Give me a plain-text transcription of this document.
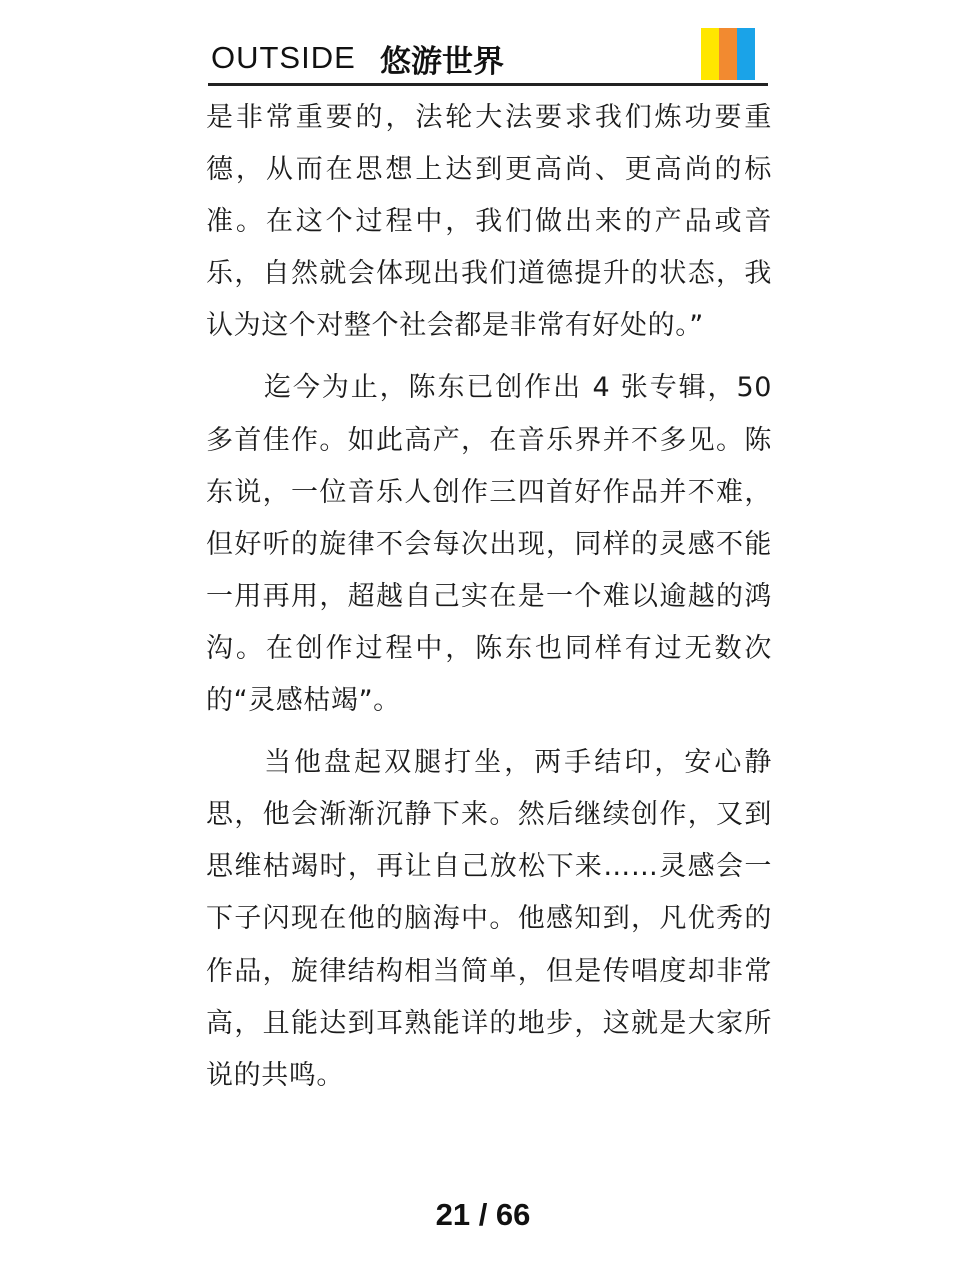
OUTSIDE 悠游世界

是非常重要的，法轮大法要求我们炼功要重德，从而在思想上达到更高尚、更高尚的标准。在这个过程中，我们做出来的产品或音乐，自然就会体现出我们道德提升的状态，我认为这个对整个社会都是非常有好处的。”

迄今为止，陈东已创作出 4 张专辑，50 多首佳作。如此高产，在音乐界并不多见。陈东说，一位音乐人创作三四首好作品并不难，但好听的旋律不会每次出现，同样的灵感不能一用再用，超越自己实在是一个难以逾越的鸿沟。在创作过程中，陈东也同样有过无数次的“灵感枯竭”。

当他盘起双腿打坐，两手结印，安心静思，他会渐渐沉静下来。然后继续创作，又到思维枯竭时，再让自己放松下来……灵感会一下子闪现在他的脑海中。他感知到，凡优秀的作品，旋律结构相当简单，但是传唱度却非常高，且能达到耳熟能详的地步，这就是大家所说的共鸣。

21 / 66
